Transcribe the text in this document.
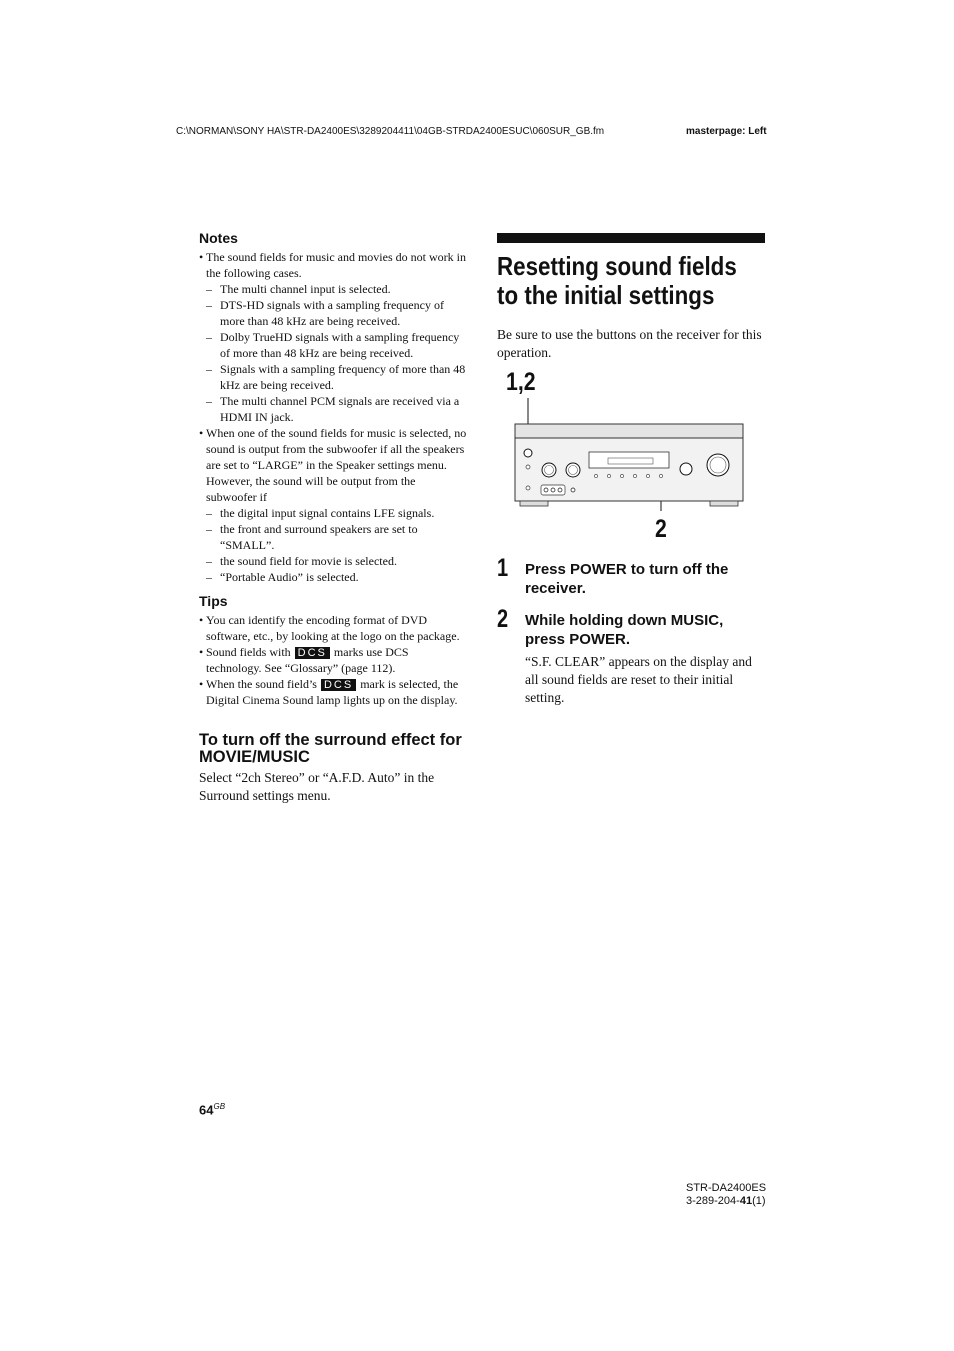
C:\NORMAN\SONY HA\STR-DA2400ES\3289204411\04GB-STRDA2400ESUC\060SUR_GB.fm	masterpage: Left
Notes
• The sound fields for music and movies do not work in the following cases.
– The multi channel input is selected.
– DTS-HD signals with a sampling frequency of more than 48 kHz are being received.
– Dolby TrueHD signals with a sampling frequency of more than 48 kHz are being received.
– Signals with a sampling frequency of more than 48 kHz are being received.
– The multi channel PCM signals are received via a HDMI IN jack.
• When one of the sound fields for music is selected, no sound is output from the subwoofer if all the speakers are set to “LARGE” in the Speaker settings menu.
However, the sound will be output from the subwoofer if
– the digital input signal contains LFE signals.
– the front and surround speakers are set to “SMALL”.
– the sound field for movie is selected.
– “Portable Audio” is selected.
Tips
• You can identify the encoding format of DVD software, etc., by looking at the logo on the package.
• Sound fields with DCS marks use DCS technology. See “Glossary” (page 112).
• When the sound field’s DCS mark is selected, the Digital Cinema Sound lamp lights up on the display.
To turn off the surround effect for MOVIE/MUSIC
Select “2ch Stereo” or “A.F.D. Auto” in the Surround settings menu.
Resetting sound fields to the initial settings
Be sure to use the buttons on the receiver for this operation.
1,2
2
1 Press POWER to turn off the receiver.
2 While holding down MUSIC, press POWER.
“S.F. CLEAR” appears on the display and all sound fields are reset to their initial setting.
$64^{GB}$
STR-DA2400ES
3-289-204-41(1)
